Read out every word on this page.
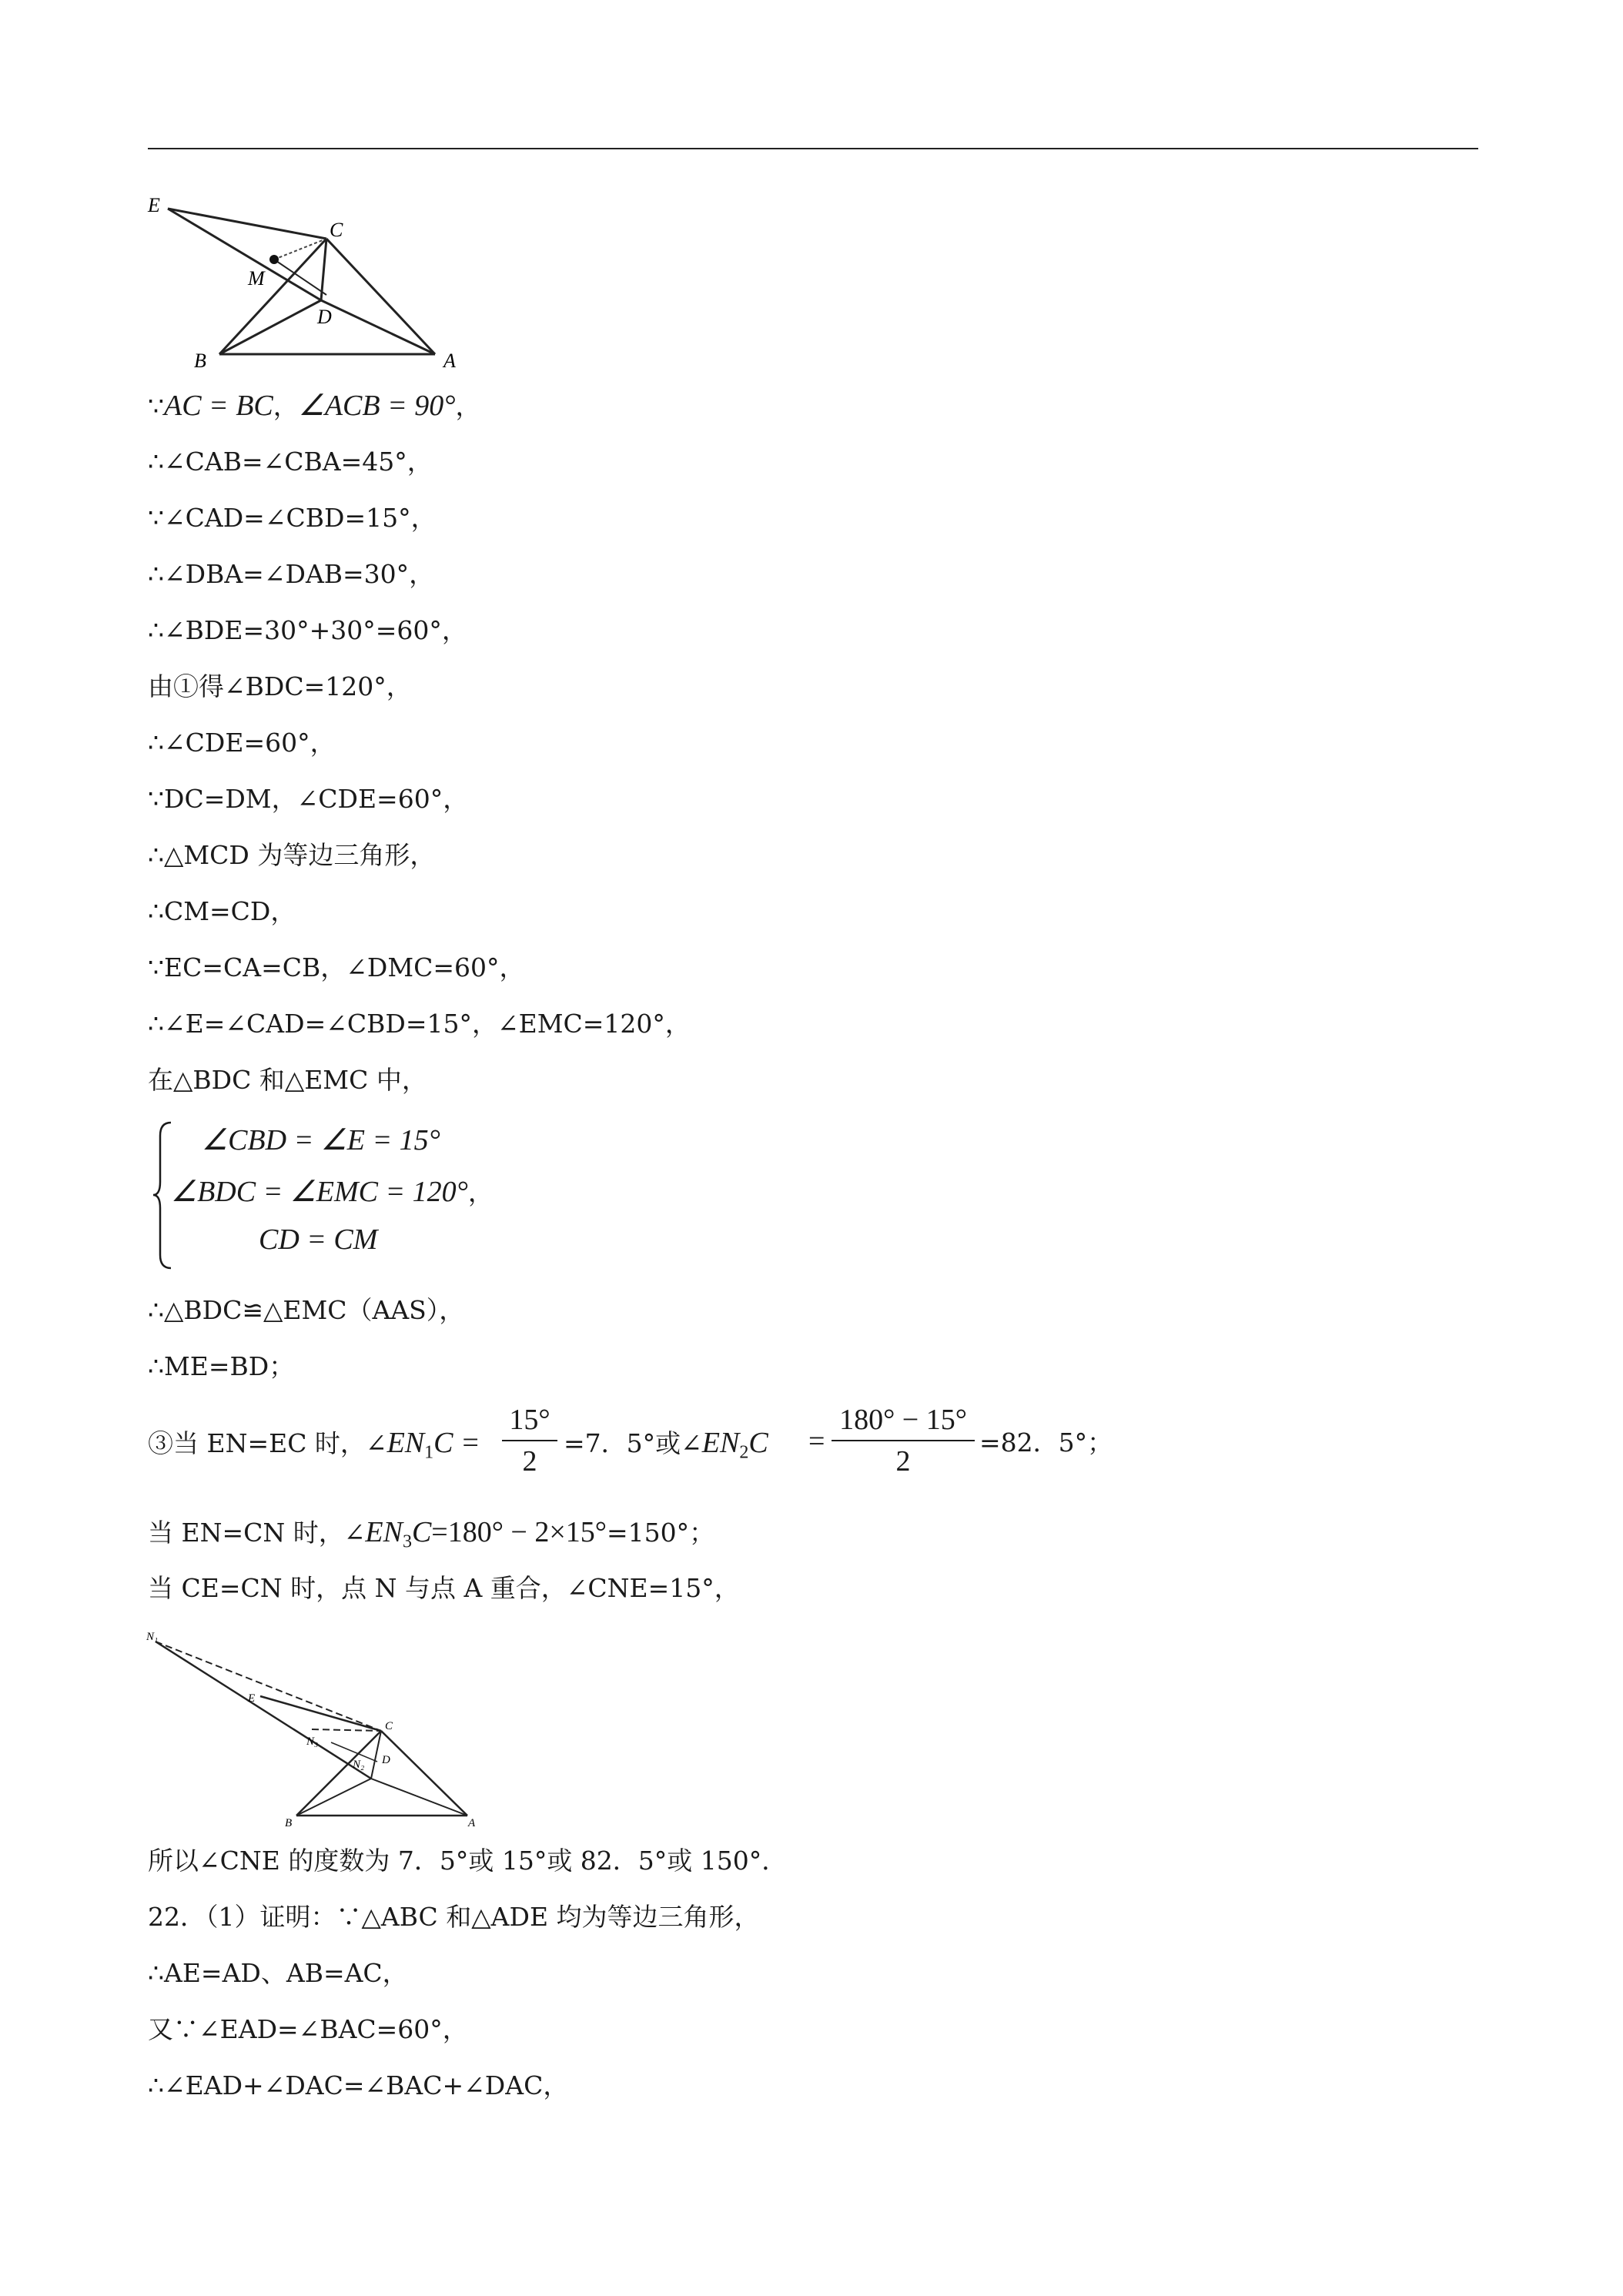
E
C
M
D
B	A
∵AC = BC，∠ACB = 90°，
∴∠CAB=∠CBA=45°，
∵∠CAD=∠CBD=15°，
∴∠DBA=∠DAB=30°，
∴∠BDE=30°+30°=60°，
由①得∠BDC=120°，
∴∠CDE=60°，
∵DC=DM，∠CDE=60°，
∴△MCD 为等边三角形，
∴CM=CD，
∵EC=CA=CB，∠DMC=60°，
∴∠E=∠CAD=∠CBD=15°，∠EMC=120°，
在△BDC 和△EMC 中，
∠CBD = ∠E = 15°
∠BDC = ∠EMC = 120°，
CD = CM
∴△BDC≌△EMC（AAS），
∴ME=BD；
③当 EN=EC 时，$\angle EN_1C$ =
15°
2
=7．5°或$\angle EN_2C$ =
180° − 15°
2
=82．5°；
当 EN=CN 时，$\angle EN_3C=180^\circ - 2\times 15^\circ=150^\circ$；
当 CE=CN 时，点 N 与点 A 重合，∠CNE=15°，
N₁
E
C
N₃
N₂ D
B	A
所以∠CNE 的度数为 7．5°或 15°或 82．5°或 150°．
22．（1）证明：∵△ABC 和△ADE 均为等边三角形，
∴AE=AD、AB=AC，
又∵∠EAD=∠BAC=60°，
∴∠EAD+∠DAC=∠BAC+∠DAC，
